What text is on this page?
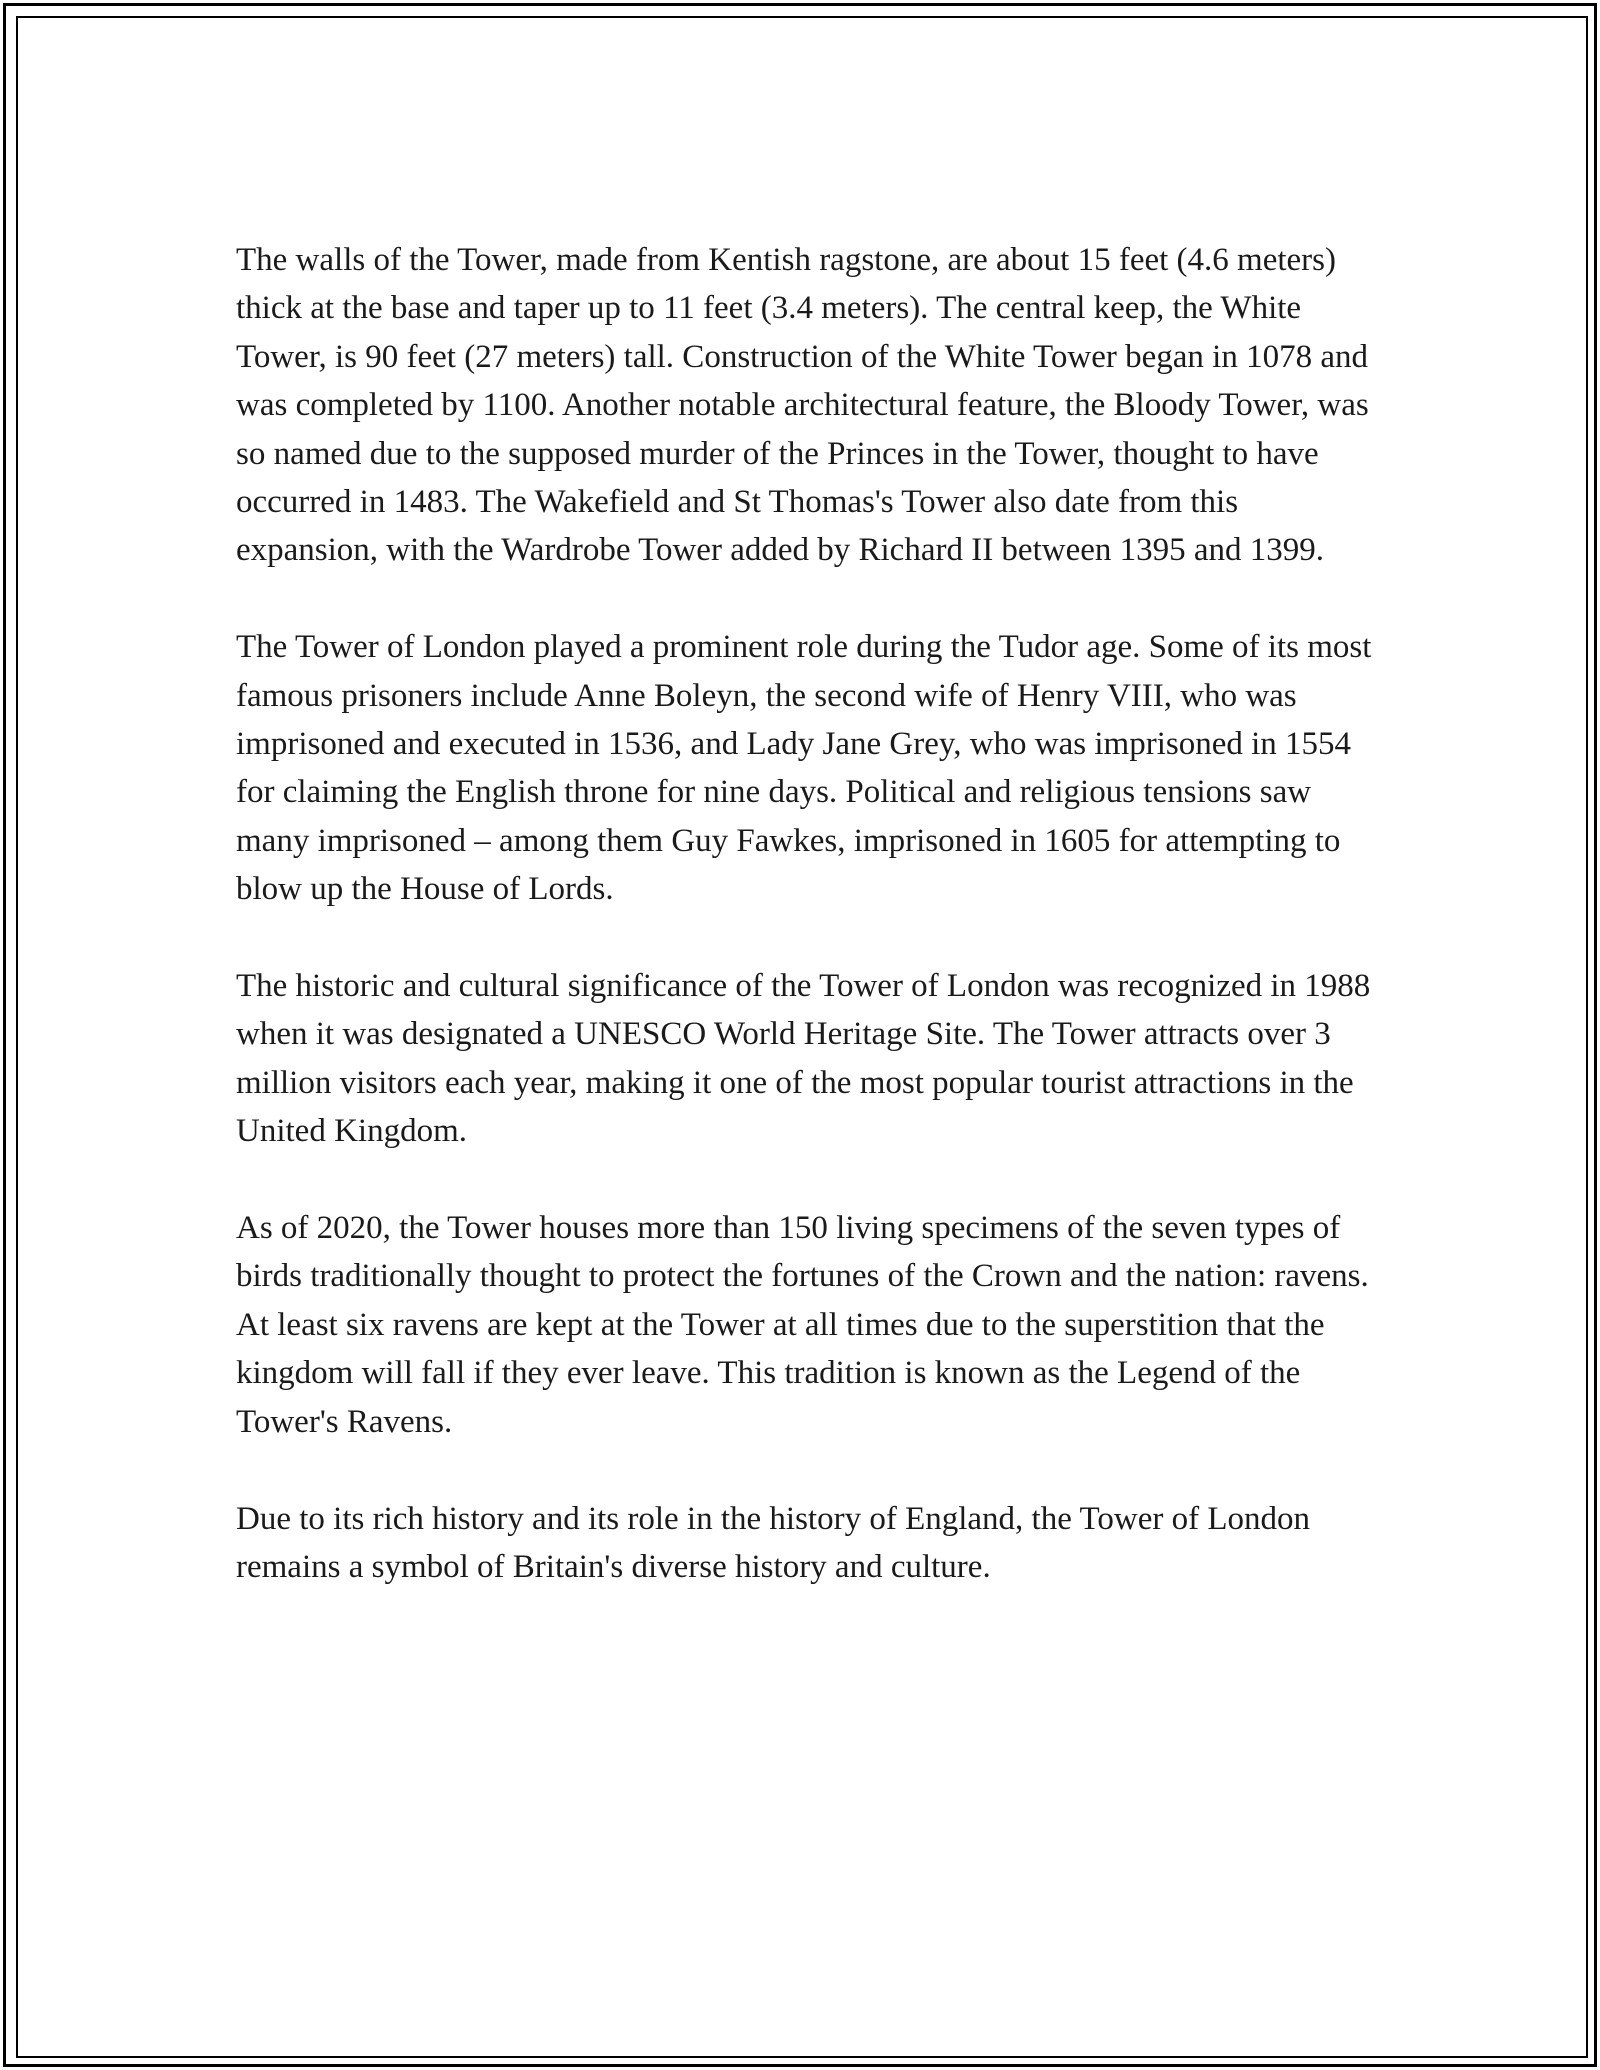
The walls of the Tower, made from Kentish ragstone, are about 15 feet (4.6 meters) thick at the base and taper up to 11 feet (3.4 meters). The central keep, the White Tower, is 90 feet (27 meters) tall. Construction of the White Tower began in 1078 and was completed by 1100. Another notable architectural feature, the Bloody Tower, was so named due to the supposed murder of the Princes in the Tower, thought to have occurred in 1483. The Wakefield and St Thomas's Tower also date from this expansion, with the Wardrobe Tower added by Richard II between 1395 and 1399.

The Tower of London played a prominent role during the Tudor age. Some of its most famous prisoners include Anne Boleyn, the second wife of Henry VIII, who was imprisoned and executed in 1536, and Lady Jane Grey, who was imprisoned in 1554 for claiming the English throne for nine days. Political and religious tensions saw many imprisoned – among them Guy Fawkes, imprisoned in 1605 for attempting to blow up the House of Lords.

The historic and cultural significance of the Tower of London was recognized in 1988 when it was designated a UNESCO World Heritage Site. The Tower attracts over 3 million visitors each year, making it one of the most popular tourist attractions in the United Kingdom.

As of 2020, the Tower houses more than 150 living specimens of the seven types of birds traditionally thought to protect the fortunes of the Crown and the nation: ravens. At least six ravens are kept at the Tower at all times due to the superstition that the kingdom will fall if they ever leave. This tradition is known as the Legend of the Tower's Ravens.

Due to its rich history and its role in the history of England, the Tower of London remains a symbol of Britain's diverse history and culture.
